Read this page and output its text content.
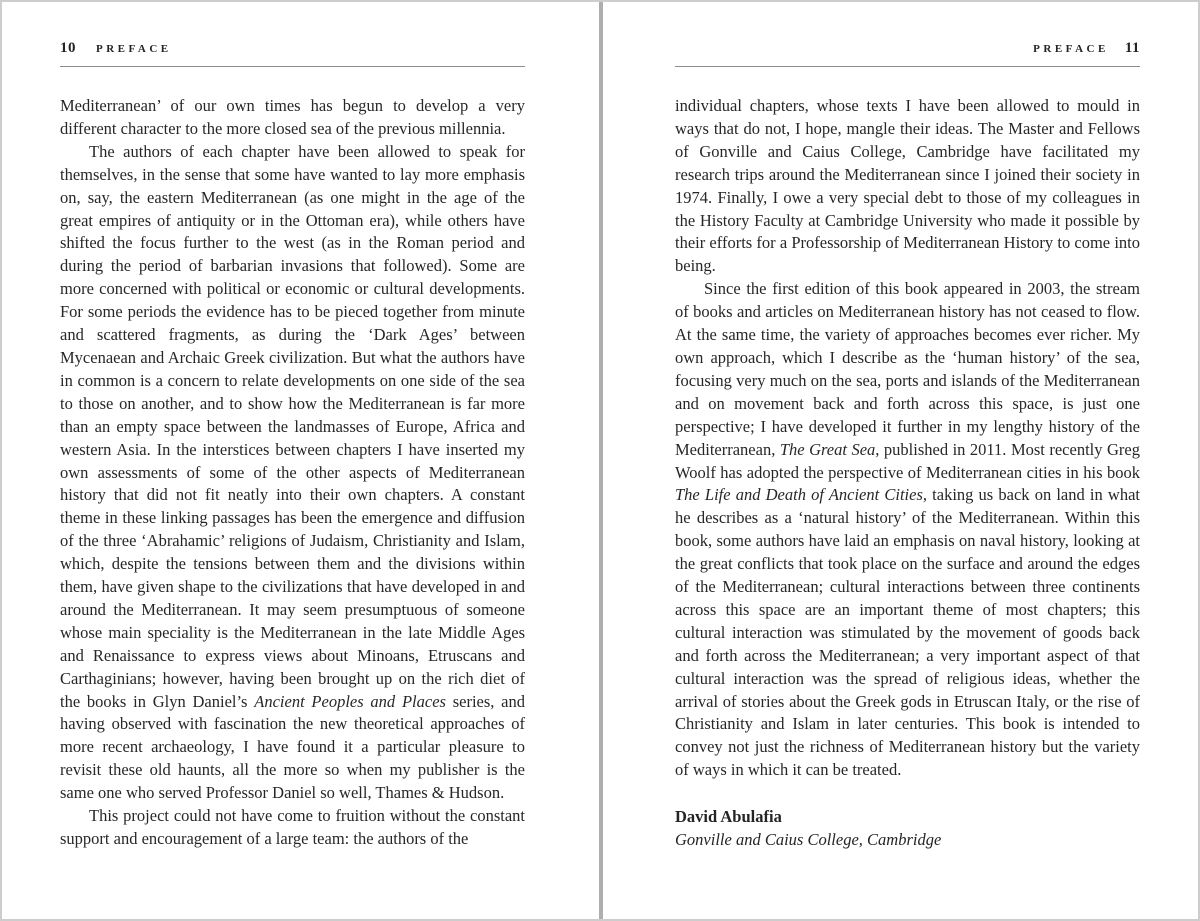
10 PREFACE

Mediterranean’ of our own times has begun to develop a very different character to the more closed sea of the previous millennia.

The authors of each chapter have been allowed to speak for themselves, in the sense that some have wanted to lay more emphasis on, say, the eastern Mediterranean (as one might in the age of the great empires of antiquity or in the Ottoman era), while others have shifted the focus further to the west (as in the Roman period and during the period of barbarian invasions that followed). Some are more concerned with political or economic or cultural developments. For some periods the evidence has to be pieced together from minute and scattered fragments, as during the ‘Dark Ages’ between Mycenaean and Archaic Greek civilization. But what the authors have in common is a concern to relate developments on one side of the sea to those on another, and to show how the Mediterranean is far more than an empty space between the landmasses of Europe, Africa and western Asia. In the interstices between chapters I have inserted my own assessments of some of the other aspects of Mediterranean history that did not fit neatly into their own chapters. A constant theme in these linking passages has been the emergence and diffusion of the three ‘Abrahamic’ religions of Judaism, Christianity and Islam, which, despite the tensions between them and the divisions within them, have given shape to the civilizations that have developed in and around the Mediterranean. It may seem presumptuous of someone whose main speciality is the Mediterranean in the late Middle Ages and Renaissance to express views about Minoans, Etruscans and Carthaginians; however, having been brought up on the rich diet of the books in Glyn Daniel’s Ancient Peoples and Places series, and having observed with fascination the new theoretical approaches of more recent archaeology, I have found it a particular pleasure to revisit these old haunts, all the more so when my publisher is the same one who served Professor Daniel so well, Thames & Hudson.

This project could not have come to fruition without the constant support and encouragement of a large team: the authors of the

PREFACE 11

individual chapters, whose texts I have been allowed to mould in ways that do not, I hope, mangle their ideas. The Master and Fellows of Gonville and Caius College, Cambridge have facilitated my research trips around the Mediterranean since I joined their society in 1974. Finally, I owe a very special debt to those of my colleagues in the History Faculty at Cambridge University who made it possible by their efforts for a Professorship of Mediterranean History to come into being.

Since the first edition of this book appeared in 2003, the stream of books and articles on Mediterranean history has not ceased to flow. At the same time, the variety of approaches becomes ever richer. My own approach, which I describe as the ‘human history’ of the sea, focusing very much on the sea, ports and islands of the Mediterranean and on movement back and forth across this space, is just one perspective; I have developed it further in my lengthy history of the Mediterranean, The Great Sea, published in 2011. Most recently Greg Woolf has adopted the perspective of Mediterranean cities in his book The Life and Death of Ancient Cities, taking us back on land in what he describes as a ‘natural history’ of the Mediterranean. Within this book, some authors have laid an emphasis on naval history, looking at the great conflicts that took place on the surface and around the edges of the Mediterranean; cultural interactions between three continents across this space are an important theme of most chapters; this cultural interaction was stimulated by the movement of goods back and forth across the Mediterranean; a very important aspect of that cultural interaction was the spread of religious ideas, whether the arrival of stories about the Greek gods in Etruscan Italy, or the rise of Christianity and Islam in later centuries. This book is intended to convey not just the richness of Mediterranean history but the variety of ways in which it can be treated.

David Abulafia
Gonville and Caius College, Cambridge
